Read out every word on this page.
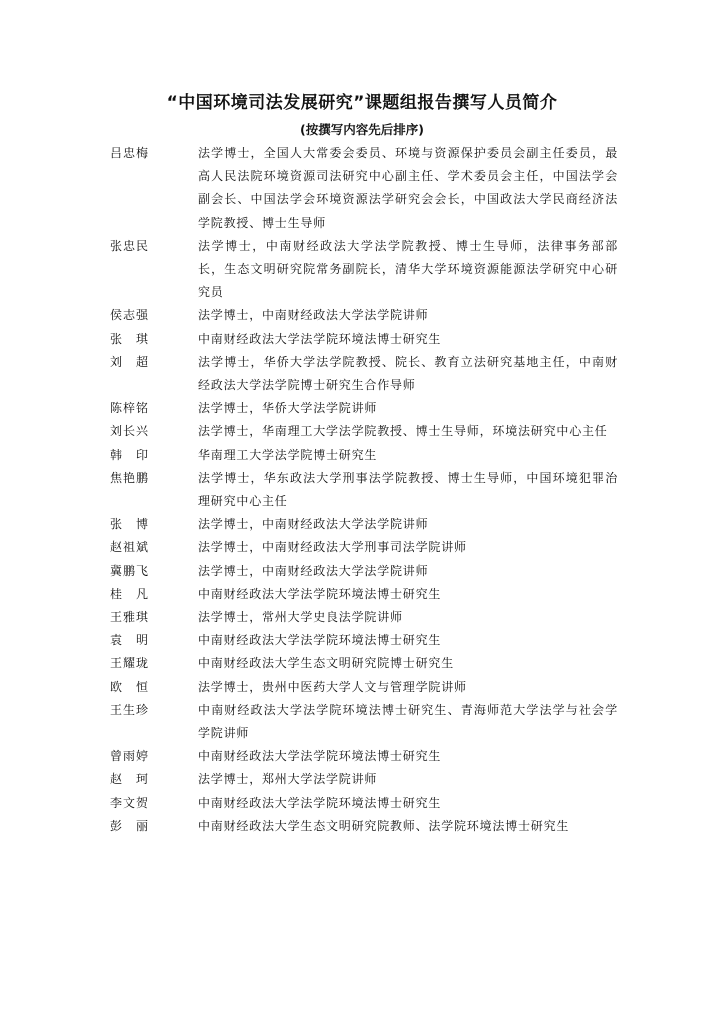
“中国环境司法发展研究”课题组报告撰写人员简介
(按撰写内容先后排序)
吕忠梅	法学博士，全国人大常委会委员、环境与资源保护委员会副主任委员，最高人民法院环境资源司法研究中心副主任、学术委员会主任，中国法学会副会长、中国法学会环境资源法学研究会会长，中国政法大学民商经济法学院教授、博士生导师
张忠民	法学博士，中南财经政法大学法学院教授、博士生导师，法律事务部部长，生态文明研究院常务副院长，清华大学环境资源能源法学研究中心研究员
侯志强	法学博士，中南财经政法大学法学院讲师
张　琪	中南财经政法大学法学院环境法博士研究生
刘　超	法学博士，华侨大学法学院教授、院长、教育立法研究基地主任，中南财经政法大学法学院博士研究生合作导师
陈梓铭	法学博士，华侨大学法学院讲师
刘长兴	法学博士，华南理工大学法学院教授、博士生导师，环境法研究中心主任
韩　印	华南理工大学法学院博士研究生
焦艳鹏	法学博士，华东政法大学刑事法学院教授、博士生导师，中国环境犯罪治理研究中心主任
张　博	法学博士，中南财经政法大学法学院讲师
赵祖斌	法学博士，中南财经政法大学刑事司法学院讲师
冀鹏飞	法学博士，中南财经政法大学法学院讲师
桂　凡	中南财经政法大学法学院环境法博士研究生
王雅琪	法学博士，常州大学史良法学院讲师
袁　明	中南财经政法大学法学院环境法博士研究生
王耀珑	中南财经政法大学生态文明研究院博士研究生
欧　恒	法学博士，贵州中医药大学人文与管理学院讲师
王生珍	中南财经政法大学法学院环境法博士研究生、青海师范大学法学与社会学学院讲师
曾雨婷	中南财经政法大学法学院环境法博士研究生
赵　珂	法学博士，郑州大学法学院讲师
李文贺	中南财经政法大学法学院环境法博士研究生
彭　丽	中南财经政法大学生态文明研究院教师、法学院环境法博士研究生
